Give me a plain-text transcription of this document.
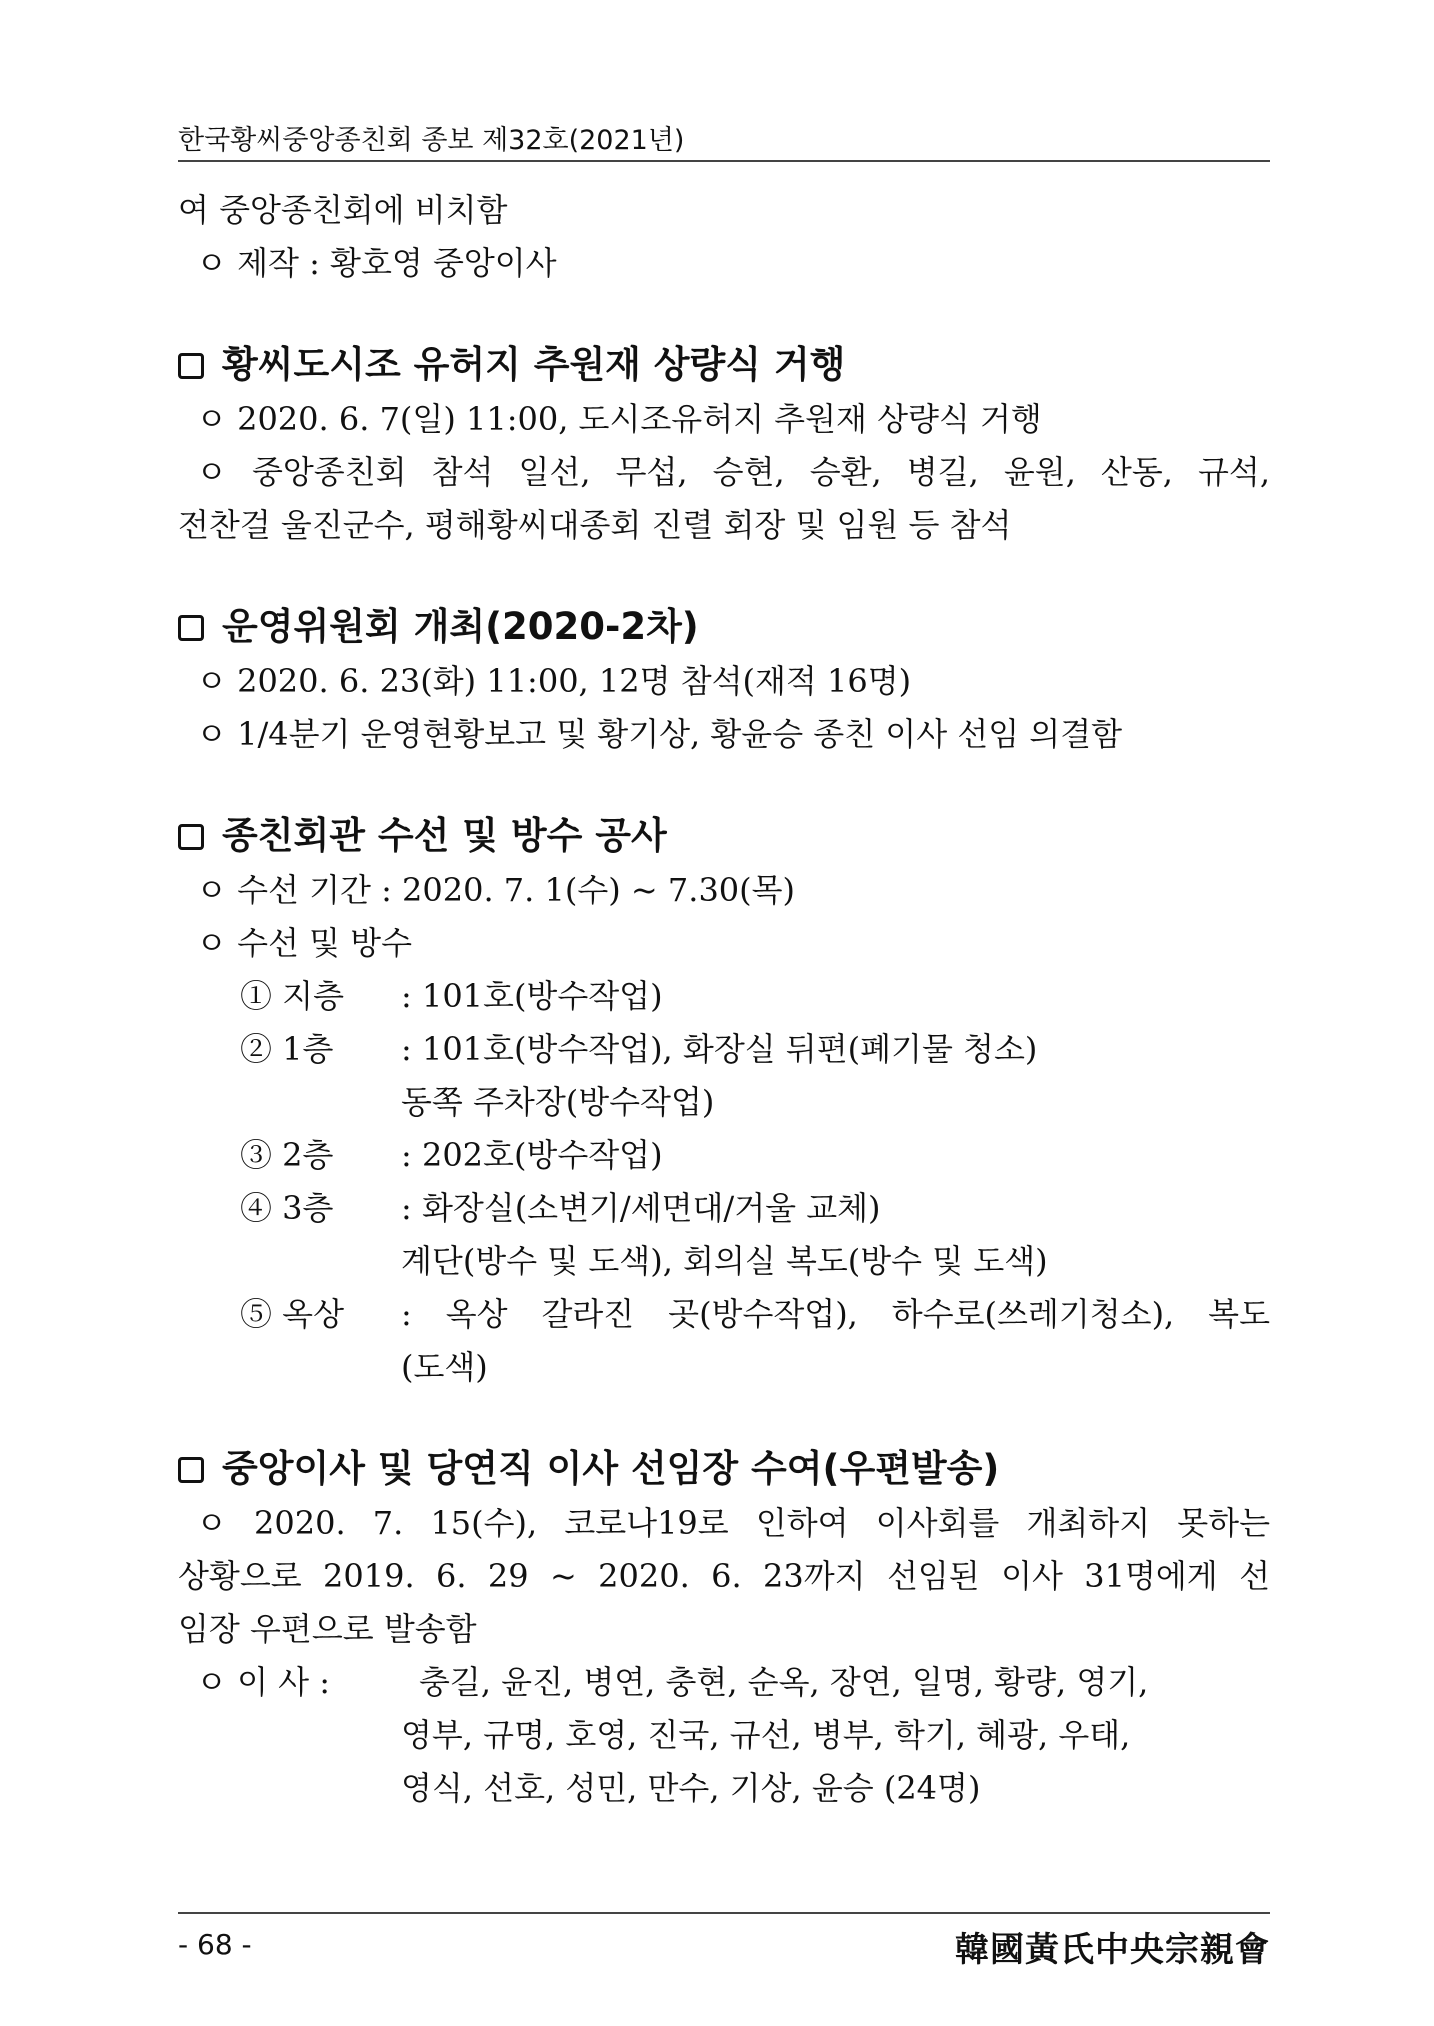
한국황씨중앙종친회 종보 제32호(2021년)
여 중앙종친회에 비치함
ㅇ 제작 : 황호영 중앙이사
황씨도시조 유허지 추원재 상량식 거행
ㅇ 2020. 6. 7(일) 11:00, 도시조유허지 추원재 상량식 거행
ㅇ 중앙종친회 참석 일선, 무섭, 승현, 승환, 병길, 윤원, 산동, 규석,
전찬걸 울진군수, 평해황씨대종회 진렬 회장 및 임원 등 참석
운영위원회 개최(2020-2차)
ㅇ 2020. 6. 23(화) 11:00, 12명 참석(재적 16명)
ㅇ 1/4분기 운영현황보고 및 황기상, 황윤승 종친 이사 선임 의결함
종친회관 수선 및 방수 공사
ㅇ 수선 기간 : 2020. 7. 1(수) ~ 7.30(목)
ㅇ 수선 및 방수
① 지층	: 101호(방수작업)
② 1층	: 101호(방수작업), 화장실 뒤편(폐기물 청소)
동쪽 주차장(방수작업)
③ 2층	: 202호(방수작업)
④ 3층	: 화장실(소변기/세면대/거울 교체)
계단(방수 및 도색), 회의실 복도(방수 및 도색)
⑤ 옥상	: 옥상 갈라진 곳(방수작업), 하수로(쓰레기청소), 복도
(도색)
중앙이사 및 당연직 이사 선임장 수여(우편발송)
ㅇ 2020. 7. 15(수), 코로나19로 인하여 이사회를 개최하지 못하는
상황으로 2019. 6. 29 ~ 2020. 6. 23까지 선임된 이사 31명에게 선
임장 우편으로 발송함
ㅇ 이 사 :	충길, 윤진, 병연, 충현, 순옥, 장연, 일명, 황량, 영기,
영부, 규명, 호영, 진국, 규선, 병부, 학기, 혜광, 우태,
영식, 선호, 성민, 만수, 기상, 윤승 (24명)
- 68 -	韓國黃氏中央宗親會
